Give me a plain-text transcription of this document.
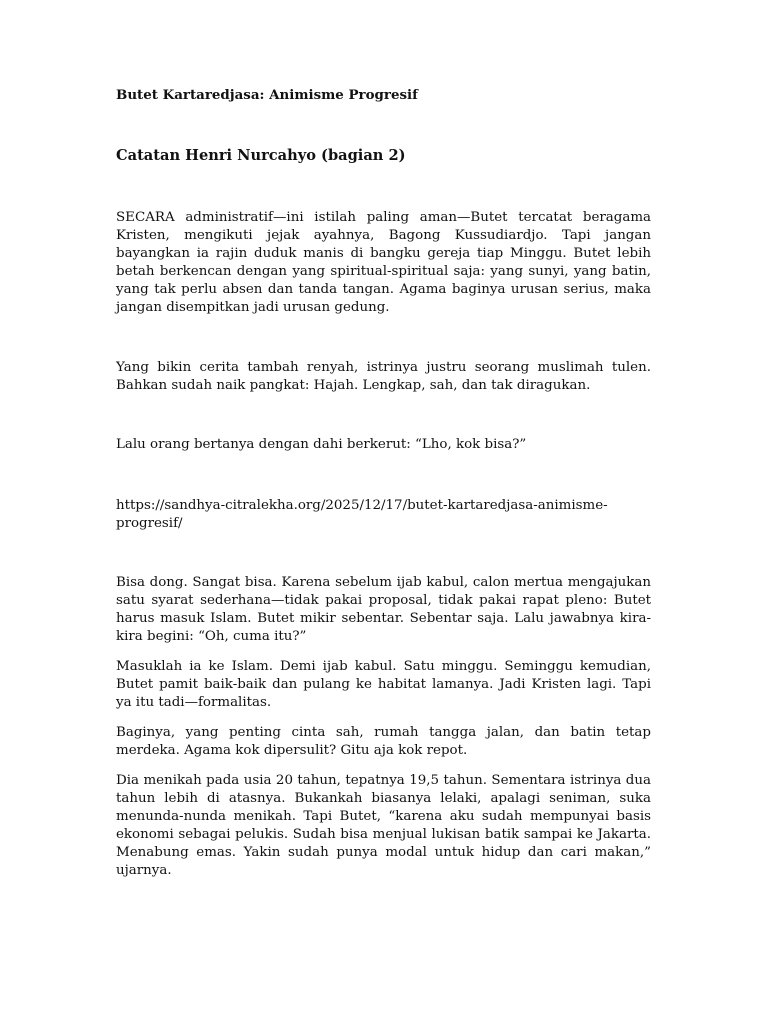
Butet Kartaredjasa: Animisme Progresif
Catatan Henri Nurcahyo (bagian 2)

SECARA administratif—ini istilah paling aman—Butet tercatat beragama Kristen, mengikuti jejak ayahnya, Bagong Kussudiardjo. Tapi jangan bayangkan ia rajin duduk manis di bangku gereja tiap Minggu. Butet lebih betah berkencan dengan yang spiritual-spiritual saja: yang sunyi, yang batin, yang tak perlu absen dan tanda tangan. Agama baginya urusan serius, maka jangan disempitkan jadi urusan gedung.

Yang bikin cerita tambah renyah, istrinya justru seorang muslimah tulen. Bahkan sudah naik pangkat: Hajah. Lengkap, sah, dan tak diragukan.

Lalu orang bertanya dengan dahi berkerut: “Lho, kok bisa?”

https://sandhya-citralekha.org/2025/12/17/butet-kartaredjasa-animisme-progresif/

Bisa dong. Sangat bisa. Karena sebelum ijab kabul, calon mertua mengajukan satu syarat sederhana—tidak pakai proposal, tidak pakai rapat pleno: Butet harus masuk Islam. Butet mikir sebentar. Sebentar saja. Lalu jawabnya kira-kira begini: “Oh, cuma itu?”

Masuklah ia ke Islam. Demi ijab kabul. Satu minggu. Seminggu kemudian, Butet pamit baik-baik dan pulang ke habitat lamanya. Jadi Kristen lagi. Tapi ya itu tadi—formalitas.

Baginya, yang penting cinta sah, rumah tangga jalan, dan batin tetap merdeka. Agama kok dipersulit? Gitu aja kok repot.

Dia menikah pada usia 20 tahun, tepatnya 19,5 tahun. Sementara istrinya dua tahun lebih di atasnya. Bukankah biasanya lelaki, apalagi seniman, suka menunda-nunda menikah. Tapi Butet, “karena aku sudah mempunyai basis ekonomi sebagai pelukis. Sudah bisa menjual lukisan batik sampai ke Jakarta. Menabung emas. Yakin sudah punya modal untuk hidup dan cari makan,” ujarnya.
